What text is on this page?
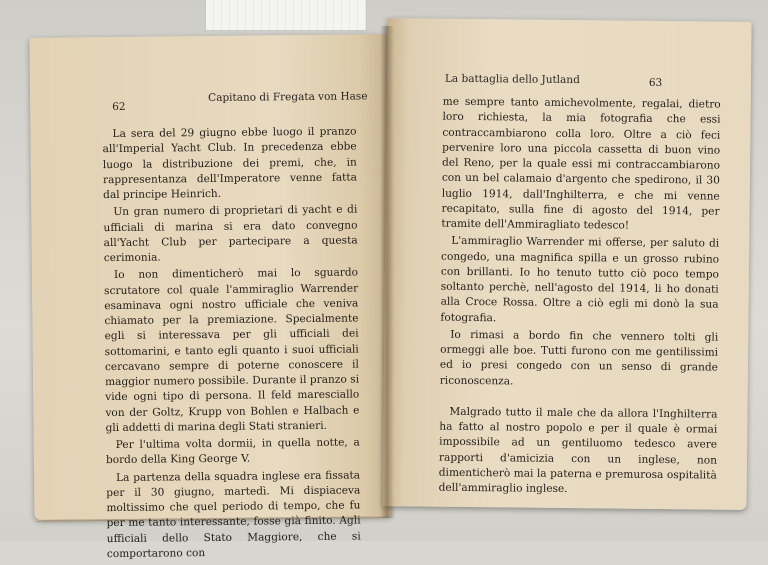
62
Capitano di Fregata von Hase

La sera del 29 giugno ebbe luogo il pranzo all'Imperial Yacht Club. In precedenza ebbe luogo la distribuzione dei premi, che, in rappresentanza dell'Imperatore venne fatta dal principe Heinrich.

Un gran numero di proprietari di yacht e di ufficiali di marina si era dato convegno all'Yacht Club per partecipare a questa cerimonia.

Io non dimenticherò mai lo sguardo scrutatore col quale l'ammiraglio Warrender esaminava ogni nostro ufficiale che veniva chiamato per la premiazione. Specialmente egli si interessava per gli ufficiali dei sottomarini, e tanto egli quanto i suoi ufficiali cercavano sempre di poterne conoscere il maggior numero possibile. Durante il pranzo si vide ogni tipo di persona. Il feld maresciallo von der Goltz, Krupp von Bohlen e Halbach e gli addetti di marina degli Stati stranieri.

Per l'ultima volta dormii, in quella notte, a bordo della King George V.

La partenza della squadra inglese era fissata per il 30 giugno, martedì. Mi dispiaceva moltissimo che quel periodo di tempo, che fu per me tanto interessante, fosse già finito. Agli ufficiali dello Stato Maggiore, che si comportarono con

La battaglia dello Jutland	63

me sempre tanto amichevolmente, regalai, dietro loro richiesta, la mia fotografia che essi contraccambiarono colla loro. Oltre a ciò feci pervenire loro una piccola cassetta di buon vino del Reno, per la quale essi mi contraccambiarono con un bel calamaio d'argento che spedirono, il 30 luglio 1914, dall'Inghilterra, e che mi venne recapitato, sulla fine di agosto del 1914, per tramite dell'Ammiragliato tedesco!

L'ammiraglio Warrender mi offerse, per saluto di congedo, una magnifica spilla e un grosso rubino con brillanti. Io ho tenuto tutto ciò poco tempo soltanto perchè, nell'agosto del 1914, li ho donati alla Croce Rossa. Oltre a ciò egli mi donò la sua fotografia.

Io rimasi a bordo fin che vennero tolti gli ormeggi alle boe. Tutti furono con me gentilissimi ed io presi congedo con un senso di grande riconoscenza.

Malgrado tutto il male che da allora l'Inghilterra ha fatto al nostro popolo e per il quale è ormai impossibile ad un gentiluomo tedesco avere rapporti d'amicizia con un inglese, non dimenticherò mai la paterna e premurosa ospitalità dell'ammiraglio inglese.
